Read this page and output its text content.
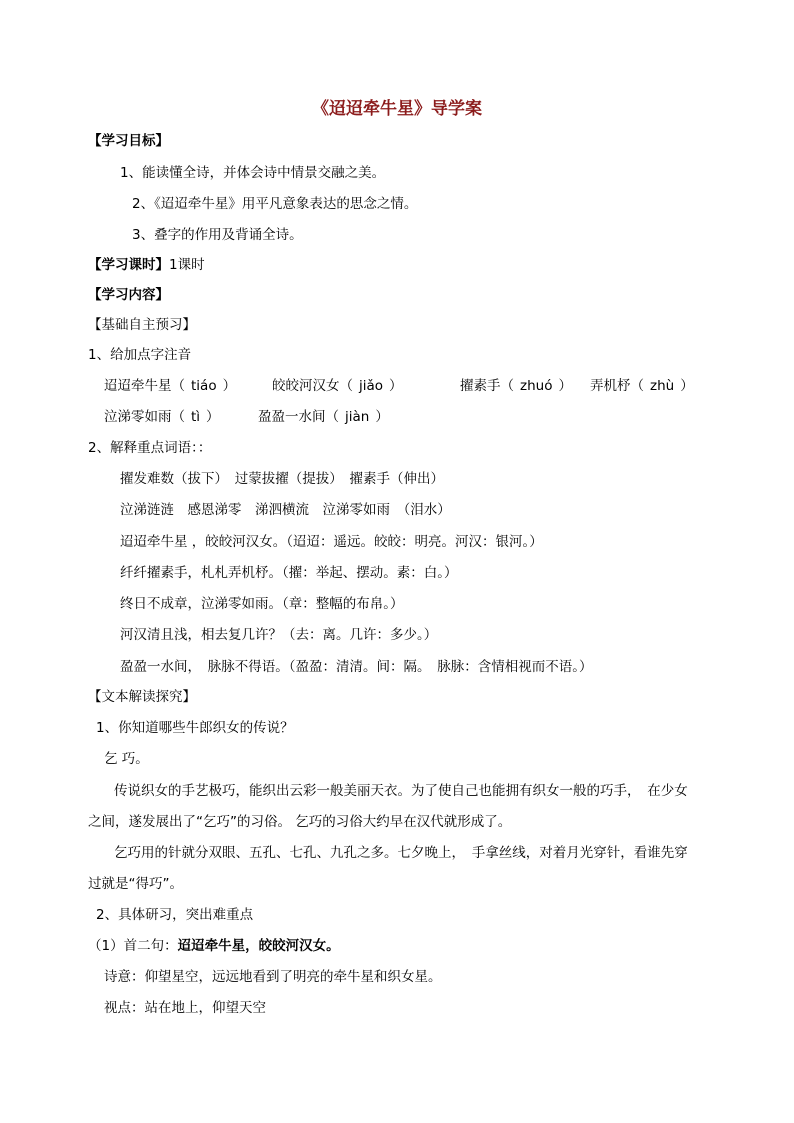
《迢迢牵牛星》导学案
【学习目标】
1、能读懂全诗，并体会诗中情景交融之美。
2、《迢迢牵牛星》用平凡意象表达的思念之情。
3、叠字的作用及背诵全诗。
【学习课时】1课时
【学习内容】
【基础自主预习】
1、给加点字注音
迢迢牵牛星（ tiáo ）	皎皎河汉女（ jiǎo ）	擢素手（ zhuó ） 弄机杼（ zhù ）
泣涕零如雨（ tì ）	盈盈一水间（ jiàn ）
2、解释重点词语：：
擢发难数（拔下）　过蒙拔擢（提拔）　擢素手（伸出）
泣涕涟涟　感恩涕零　涕泗横流　泣涕零如雨　（泪水）
迢迢牵牛星 ，皎皎河汉女。（迢迢：遥远。皎皎：明亮。河汉：银河。）
纤纤擢素手，札札弄机杼。（擢：举起、摆动。素：白。）
终日不成章，泣涕零如雨。（章：整幅的布帛。）
河汉清且浅，相去复几许？（去：离。几许：多少。）
盈盈一水间，　脉脉不得语。（盈盈：清清。间：隔。　脉脉：含情相视而不语。）
【文本解读探究】
1、你知道哪些牛郎织女的传说？
乞 巧。
传说织女的手艺极巧，能织出云彩一般美丽天衣。为了使自己也能拥有织女一般的巧手，　在少女
之间，遂发展出了“乞巧”的习俗。 乞巧的习俗大约早在汉代就形成了。
乞巧用的针就分双眼、五孔、七孔、九孔之多。七夕晚上，　手拿丝线，对着月光穿针，看谁先穿
过就是“得巧”。
2、具体研习，突出难重点
（1）首二句：迢迢牵牛星，皎皎河汉女。
诗意：仰望星空，远远地看到了明亮的牵牛星和织女星。
视点：站在地上，仰望天空
